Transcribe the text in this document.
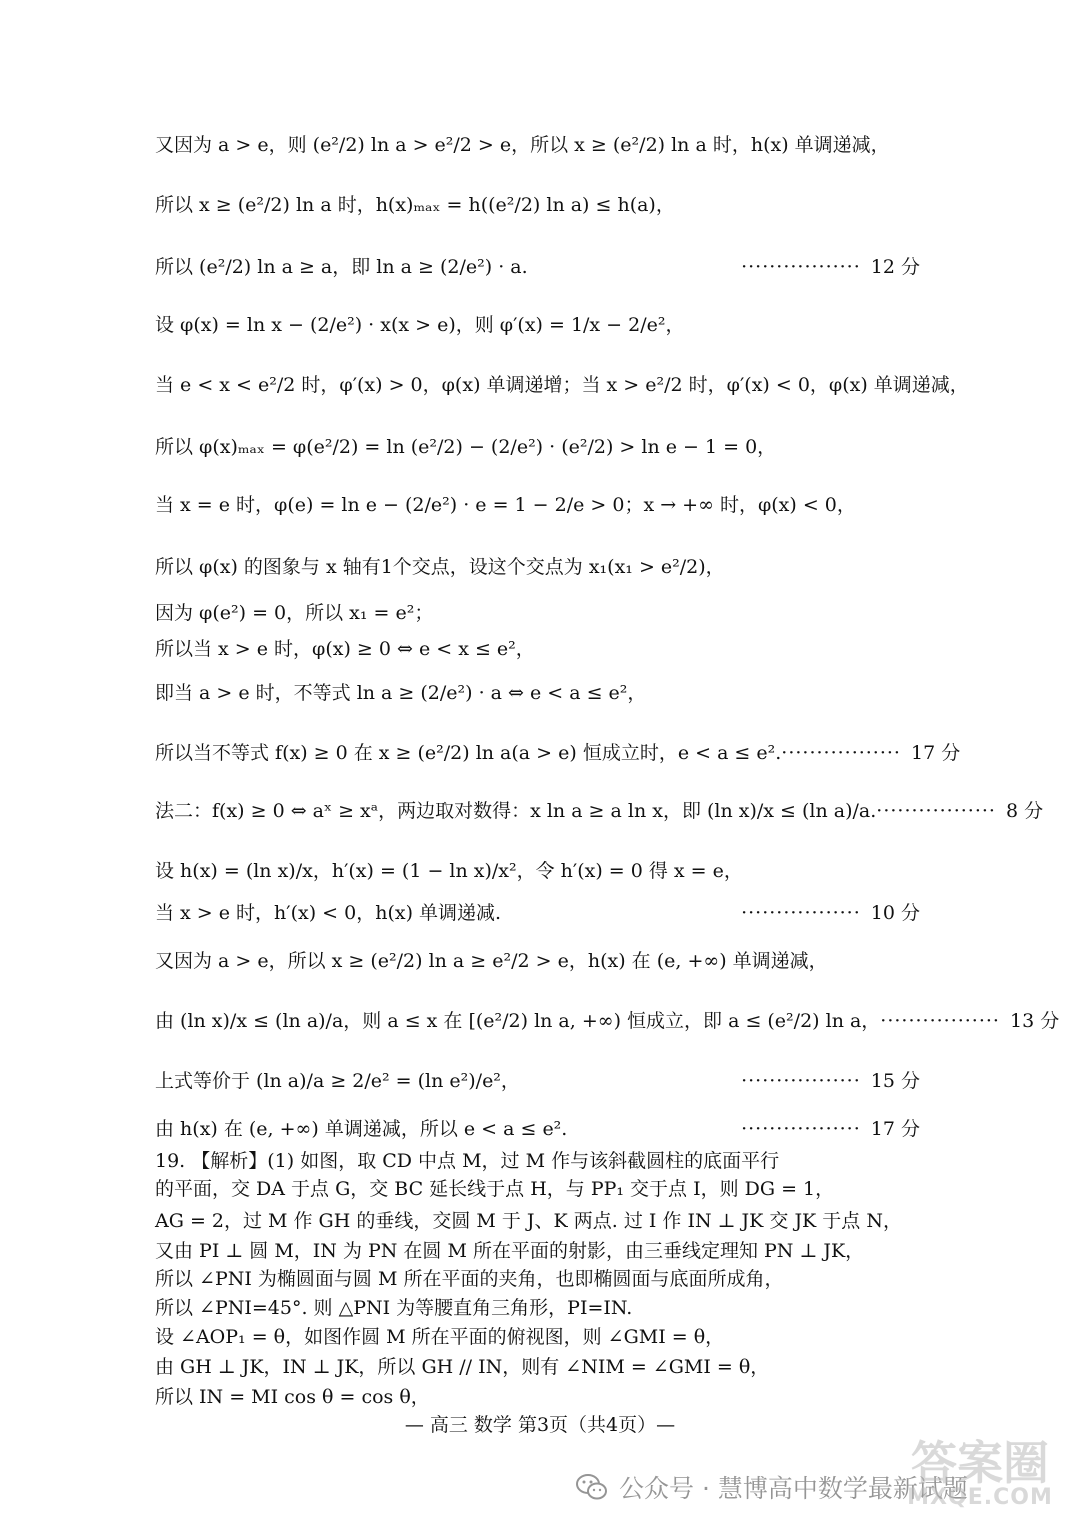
又因为 a > e，则 (e²/2) ln a > e²/2 > e，所以 x ≥ (e²/2) ln a 时，h(x) 单调递减，
所以 x ≥ (e²/2) ln a 时，h(x)ₘₐₓ = h((e²/2) ln a) ≤ h(a)，
所以 (e²/2) ln a ≥ a，即 ln a ≥ (2/e²) · a.	················· 12 分
设 φ(x) = ln x − (2/e²) · x(x > e)，则 φ′(x) = 1/x − 2/e²，
当 e < x < e²/2 时，φ′(x) > 0，φ(x) 单调递增；当 x > e²/2 时，φ′(x) < 0，φ(x) 单调递减，
所以 φ(x)ₘₐₓ = φ(e²/2) = ln (e²/2) − (2/e²) · (e²/2) > ln e − 1 = 0，
当 x = e 时，φ(e) = ln e − (2/e²) · e = 1 − 2/e > 0；x → +∞ 时，φ(x) < 0，
所以 φ(x) 的图象与 x 轴有1个交点，设这个交点为 x₁(x₁ > e²/2)，
因为 φ(e²) = 0，所以 x₁ = e²；
所以当 x > e 时，φ(x) ≥ 0 ⇔ e < x ≤ e²，
即当 a > e 时，不等式 ln a ≥ (2/e²) · a ⇔ e < a ≤ e²，
所以当不等式 f(x) ≥ 0 在 x ≥ (e²/2) ln a(a > e) 恒成立时，e < a ≤ e². ················· 17 分
法二：f(x) ≥ 0 ⇔ aˣ ≥ xᵃ，两边取对数得：x ln a ≥ a ln x，即 (ln x)/x ≤ (ln a)/a. ················· 8 分
设 h(x) = (ln x)/x，h′(x) = (1 − ln x)/x²，令 h′(x) = 0 得 x = e，
当 x > e 时，h′(x) < 0，h(x) 单调递减.	················· 10 分
又因为 a > e，所以 x ≥ (e²/2) ln a ≥ e²/2 > e，h(x) 在 (e, +∞) 单调递减，
由 (ln x)/x ≤ (ln a)/a，则 a ≤ x 在 [(e²/2) ln a, +∞) 恒成立，即 a ≤ (e²/2) ln a， ················· 13 分
上式等价于 (ln a)/a ≥ 2/e² = (ln e²)/e²，	················· 15 分
由 h(x) 在 (e, +∞) 单调递减，所以 e < a ≤ e².	················· 17 分
19. 【解析】(1) 如图，取 CD 中点 M，过 M 作与该斜截圆柱的底面平行
的平面，交 DA 于点 G，交 BC 延长线于点 H，与 PP₁ 交于点 I，则 DG = 1，
AG = 2，过 M 作 GH 的垂线，交圆 M 于 J、K 两点. 过 I 作 IN ⊥ JK 交 JK 于点 N，
又由 PI ⊥ 圆 M，IN 为 PN 在圆 M 所在平面的射影，由三垂线定理知 PN ⊥ JK，
所以 ∠PNI 为椭圆面与圆 M 所在平面的夹角，也即椭圆面与底面所成角，
所以 ∠PNI=45°. 则 △PNI 为等腰直角三角形，PI=IN.
设 ∠AOP₁ = θ，如图作圆 M 所在平面的俯视图，则 ∠GMI = θ，
由 GH ⊥ JK，IN ⊥ JK，所以 GH // IN，则有 ∠NIM = ∠GMI = θ，
所以 IN = MI cos θ = cos θ，
— 高三 数学 第3页（共4页）—
公众号 · 慧博高中数学最新试题
答案圈
MXQE.COM
